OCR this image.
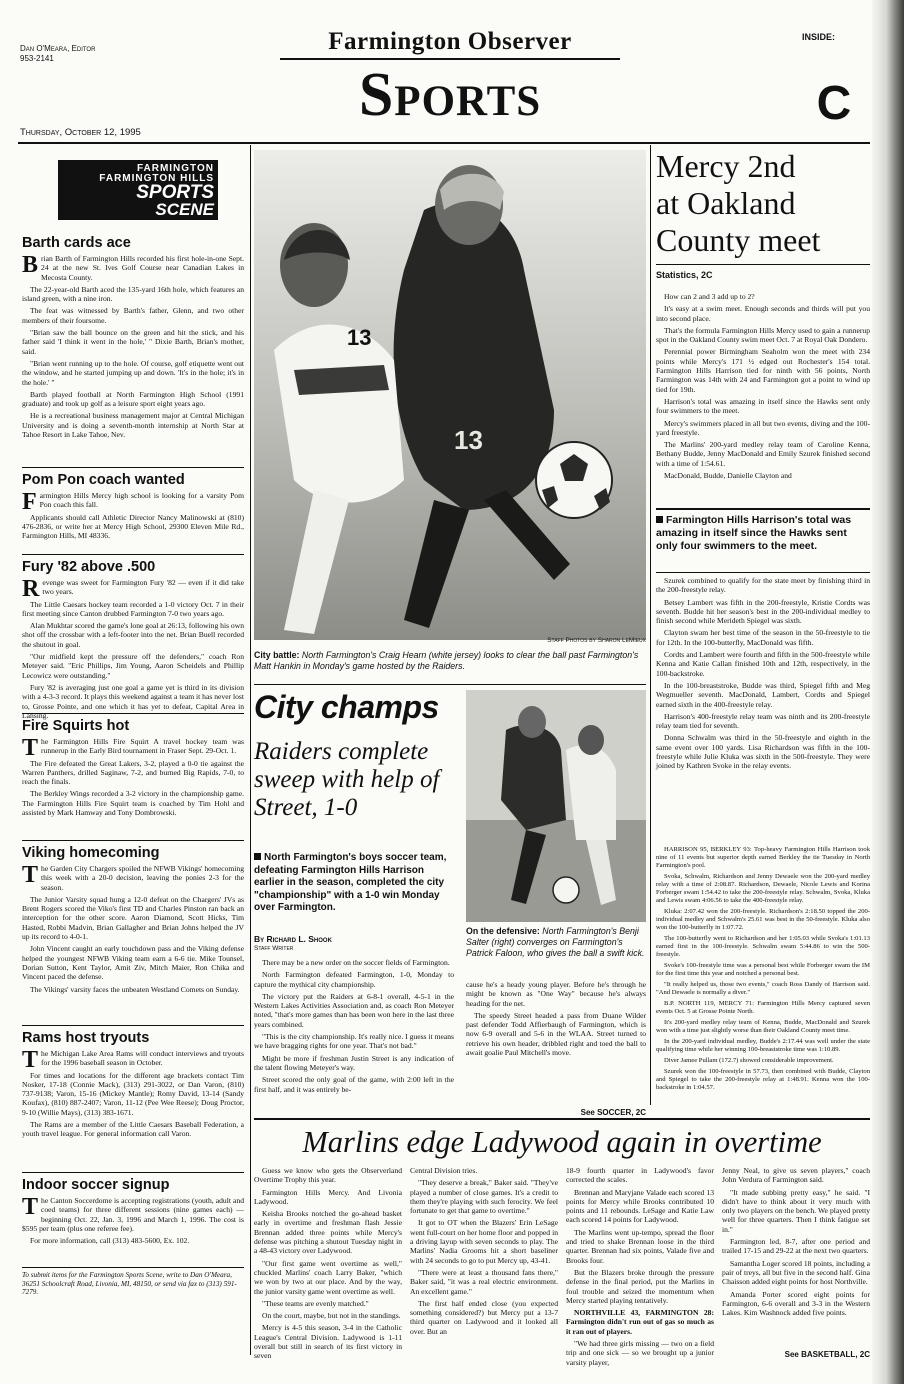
Dan O'Meara, Editor
953-2141
Farmington Observer	INSIDE:
Sports	C
Thursday, October 12, 1995
FARMINGTON
FARMINGTON HILLS
SPORTS
SCENE
Barth cards ace
B rian Barth of Farmington Hills recorded his first hole-in-one Sept. 24 at the new St. Ives Golf Course near Canadian Lakes in Mecosta County.

The 22-year-old Barth aced the 135-yard 16th hole, which features an island green, with a nine iron.

The feat was witnessed by Barth's father, Glenn, and two other members of their foursome.

"Brian saw the ball bounce on the green and hit the stick, and his father said 'I think it went in the hole,' " Dixie Barth, Brian's mother, said.

"Brian went running up to the hole. Of course, golf etiquette went out the window, and he started jumping up and down. 'It's in the hole; it's in the hole.' "

Barth played football at North Farmington High School (1991 graduate) and took up golf as a leisure sport eight years ago.

He is a recreational business management major at Central Michigan University and is doing a seventh-month internship at North Star at Tahoe Resort in Lake Tahoe, Nev.

Pom Pon coach wanted
F armington Hills Mercy high school is looking for a varsity Pom Pon coach this fall.

Applicants should call Athletic Director Nancy Malinowski at (810) 476-2836, or write her at Mercy High School, 29300 Eleven Mile Rd., Farmington Hills, MI 48336.

Fury '82 above .500
R evenge was sweet for Farmington Fury '82 — even if it did take two years.

The Little Caesars hockey team recorded a 1-0 victory Oct. 7 in their first meeting since Canton drubbed Farmington 7-0 two years ago.

Alan Mukhtar scored the game's lone goal at 26:13, following his own shot off the crossbar with a left-footer into the net. Brian Buell recorded the shutout in goal.

"Our midfield kept the pressure off the defenders," coach Ron Meteyer said. "Eric Phillips, Jim Young, Aaron Scheidels and Phillip Lecowicz were outstanding."

Fury '82 is averaging just one goal a game yet is third in its division with a 4-3-3 record. It plays this weekend against a team it has never lost to, Grosse Pointe, and one which it has yet to defeat, Capital Area in Lansing.

Fire Squirts hot
T he Farmington Hills Fire Squirt A travel hockey team was runnerup in the Early Bird tournament in Fraser Sept. 29-Oct. 1.

The Fire defeated the Great Lakers, 3-2, played a 0-0 tie against the Warren Panthers, drilled Saginaw, 7-2, and burned Big Rapids, 7-0, to reach the finals.

The Berkley Wings recorded a 3-2 victory in the championship game. The Farmington Hills Fire Squirt team is coached by Tim Hohl and assisted by Mark Hamway and Tony Dombrowski.

Viking homecoming
T he Garden City Chargers spoiled the NFWB Vikings' homecoming this week with a 20-0 decision, leaving the ponies 2-3 for the season.

The Junior Varsity squad hung a 12-0 defeat on the Chargers' JVs as Brent Rogers scored the Viko's first TD and Charles Pinston ran back an interception for the other score. Aaron Diamond, Scott Hicks, Tim Hasted, Robbi Madvin, Brian Gallagher and Brian Johns helped the JV up its record to 4-0-1.

John Vincent caught an early touchdown pass and the Viking defense helped the youngest NFWB Viking team earn a 6-6 tie. Mike Tounsel, Dorian Sutton, Kent Taylor, Amit Ziv, Mitch Maier, Ron Chika and Vincent paced the defense.

The Vikings' varsity faces the unbeaten Westland Comets on Sunday.

Rams host tryouts
T he Michigan Lake Area Rams will conduct interviews and tryouts for the 1996 baseball season in October.

For times and locations for the different age brackets contact Tim Nosker, 17-18 (Connie Mack), (313) 291-3022, or Dan Varon, (810) 737-9138; Varon, 15-16 (Mickey Mantle); Romy David, 13-14 (Sandy Koufax), (810) 887-2407; Varon, 11-12 (Pee Wee Reese); Doug Proctor, 9-10 (Willie Mays), (313) 383-1671.

The Rams are a member of the Little Caesars Baseball Federation, a youth travel league. For general information call Varon.

Indoor soccer signup
T he Canton Soccerdome is accepting registrations (youth, adult and coed teams) for three different sessions (nine games each) — beginning Oct. 22, Jan. 3, 1996 and March 1, 1996. The cost is $595 per team (plus one referee fee).

For more information, call (313) 483-5600, Ex. 102.

To submit items for the Farmington Sports Scene, write to Dan O'Meara, 36251 Schoolcraft Road, Livonia, MI, 48150, or send via fax to (313) 591-7279.
13
13
Staff Photos by Sharon LeMieux
City battle: North Farmington's Craig Hearn (white jersey) looks to clear the ball past Farmington's Matt Hankin in Monday's game hosted by the Raiders.
City champs
Raiders complete sweep with help of Street, 1-0
North Farmington's boys soccer team, defeating Farmington Hills Harrison earlier in the season, completed the city "championship" with a 1-0 win Monday over Farmington.
By Richard L. Shook
Staff Writer

There may be a new order on the soccer fields of Farmington.

North Farmington defeated Farmington, 1-0, Monday to capture the mythical city championship.

The victory put the Raiders at 6-8-1 overall, 4-5-1 in the Western Lakes Activities Association and, as coach Ron Meteyer noted, "that's more games than has been won here in the last three years combined.

"This is the city championship. It's really nice. I guess it means we have bragging rights for one year. That's not bad."

Might be more if freshman Justin Street is any indication of the talent flowing Meteyer's way.

Street scored the only goal of the game, with 2:00 left in the first half, and it was entirely be-

On the defensive: North Farmington's Benji Salter (right) converges on Farmington's Patrick Faloon, who gives the ball a swift kick.

cause he's a heady young player. Before he's through he might be known as "One Way" because he's always heading for the net.

The speedy Street headed a pass from Duane Wilder past defender Todd Affierbaugh of Farmington, which is now 6-9 overall and 5-6 in the WLAA. Street turned to retrieve his own header, dribbled right and toed the ball to await goalie Paul Mitchell's move.

See SOCCER, 2C
Mercy 2nd
at Oakland
County meet
Statistics, 2C

How can 2 and 3 add up to 2?

It's easy at a swim meet. Enough seconds and thirds will put you into second place.

That's the formula Farmington Hills Mercy used to gain a runnerup spot in the Oakland County swim meet Oct. 7 at Royal Oak Dondero.

Perennial power Birmingham Seaholm won the meet with 234 points while Mercy's 171 ½ edged out Rochester's 154 total. Farmington Hills Harrison tied for ninth with 56 points, North Farmington was 14th with 24 and Farmington got a point to wind up tied for 19th.

Harrison's total was amazing in itself since the Hawks sent only four swimmers to the meet.

Mercy's swimmers placed in all but two events, diving and the 100-yard freestyle.

The Marlins' 200-yard medley relay team of Caroline Kenna, Bethany Budde, Jenny MacDonald and Emily Szurek finished second with a time of 1:54.61.

MacDonald, Budde, Danielle Clayton and

Farmington Hills Harrison's total was amazing in itself since the Hawks sent only four swimmers to the meet.

Szurek combined to qualify for the state meet by finishing third in the 200-freestyle relay.

Betsey Lambert was fifth in the 200-freestyle, Kristie Cordts was seventh. Budde hit her season's best in the 200-individual medley to finish second while Merideth Spiegel was sixth.

Clayton swam her best time of the season in the 50-freestyle to tie for 12th. In the 100-butterfly, MacDonald was fifth.

Cordts and Lambert were fourth and fifth in the 500-freestyle while Kenna and Katie Callan finished 10th and 12th, respectively, in the 100-backstroke.

In the 100-breaststroke, Budde was third, Spiegel fifth and Meg Wegmueller seventh. MacDonald, Lambert, Cordts and Spiegel earned sixth in the 400-freestyle relay.

Harrison's 400-freestyle relay team was ninth and its 200-freestyle relay team tied for seventh.

Donna Schwalm was third in the 50-freestyle and eighth in the same event over 100 yards. Lisa Richardson was fifth in the 100-freestyle while Julie Kluka was sixth in the 500-freestyle. They were joined by Kathren Svoke in the relay events.

HARRISON 95, BERKLEY 93: Top-heavy Farmington Hills Harrison took nine of 11 events but superior depth earned Berkley the tie Tuesday in North Farmington's pool.

Svoka, Schwalm, Richardson and Jenny Dewaele won the 200-yard medley relay with a time of 2:08.87. Richardson, Dewaele, Nicole Lewis and Korina Forberger swam 1:54.42 to take the 200-freestyle relay. Schwalm, Svoka, Kluka and Lewis swam 4:06.56 to take the 400-freestyle relay.

Kluka: 2:07.42 won the 200-freestyle. Richardson's 2:18.50 topped the 200-individual medley and Schwalm's 25.61 was best in the 50-freestyle. Kluka also won the 100-butterfly in 1:07.72.

The 100-butterfly went to Richardson and her 1:05.03 while Svoka's 1:01.13 earned first in the 100-freestyle. Schwalm swam 5:44.86 to win the 500-freestyle.

Svoke's 100-freestyle time was a personal best while Forberger swam the IM for the first time this year and notched a personal best.

"It really helped us, those two events," coach Ross Dandy of Harrison said. "And Dewaele is normally a diver."

B.P. NORTH 119, MERCY 71: Farmington Hills Mercy captured seven events Oct. 5 at Grosse Pointe North.

It's 200-yard medley relay team of Kenna, Budde, MacDonald and Szurek won with a time just slightly worse than their Oakland County meet time.

In the 200-yard individual medley, Budde's 2:17.44 was well under the state qualifying time while her winning 100-breaststroke time was 1:10.89.

Diver Jamee Pullam (172.7) showed considerable improvement.

Szurek won the 100-freestyle in 57.73, then combined with Budde, Clayton and Spiegel to take the 200-freestyle relay at 1:48.91. Kenna won the 100-backstroke in 1:04.57.

Marlins edge Ladywood again in overtime

Guess we know who gets the Observerland Overtime Trophy this year.

Farmington Hills Mercy. And Livonia Ladywood.

Keisha Brooks notched the go-ahead basket early in overtime and freshman flash Jessie Brennan added three points while Mercy's defense was pitching a shutout Tuesday night in a 48-43 victory over Ladywood.

"Our first game went overtime as well," chuckled Marlins' coach Larry Baker, "which we won by two at our place. And by the way, the junior varsity game went overtime as well.

"These teams are evenly matched."

On the court, maybe, but not in the standings.

Mercy is 4-5 this season, 3-4 in the Catholic League's Central Division. Ladywood is 1-11 overall but still in search of its first victory in seven

Central Division tries.

"They deserve a break," Baker said. "They've played a number of close games. It's a credit to them they're playing with such ferocity. We feel fortunate to get that game to overtime."

It got to OT when the Blazers' Erin LeSage went full-court on her home floor and popped in a driving layup with seven seconds to play. The Marlins' Nadia Grooms hit a short baseliner with 24 seconds to go to put Mercy up, 43-41.

"There were at least a thousand fans there," Baker said, "it was a real electric environment. An excellent game."

The first half ended close (you expected something considered?) but Mercy put a 13-7 third quarter on Ladywood and it looked all over. But an

18-9 fourth quarter in Ladywood's favor corrected the scales.

Brennan and Maryjane Valade each scored 13 points for Mercy while Brooks contributed 10 points and 11 rebounds. LeSage and Katie Law each scored 14 points for Ladywood.

The Marlins went up-tempo, spread the floor and tried to shake Brennan loose in the third quarter. Brennan had six points, Valade five and Brooks four.

But the Blazers broke through the pressure defense in the final period, put the Marlins in foul trouble and seized the momentum when Mercy started playing tentatively.

NORTHVILLE 43, FARMINGTON 28: Farmington didn't run out of gas so much as it ran out of players.

"We had three girls missing — two on a field trip and one sick — so we brought up a junior varsity player,

Jenny Neal, to give us seven players," coach John Verdura of Farmington said.

"It made subbing pretty easy," he said. "I didn't have to think about it very much with only two players on the bench. We played pretty well for three quarters. Then I think fatigue set in."

Farmington led, 8-7, after one period and trailed 17-15 and 29-22 at the next two quarters.

Samantha Loger scored 18 points, including a pair of treys, all but five in the second half. Gina Chaisson added eight points for host Northville.

Amanda Porter scored eight points for Farmington, 6-6 overall and 3-3 in the Western Lakes. Kim Washnock added five points.

See BASKETBALL, 2C
